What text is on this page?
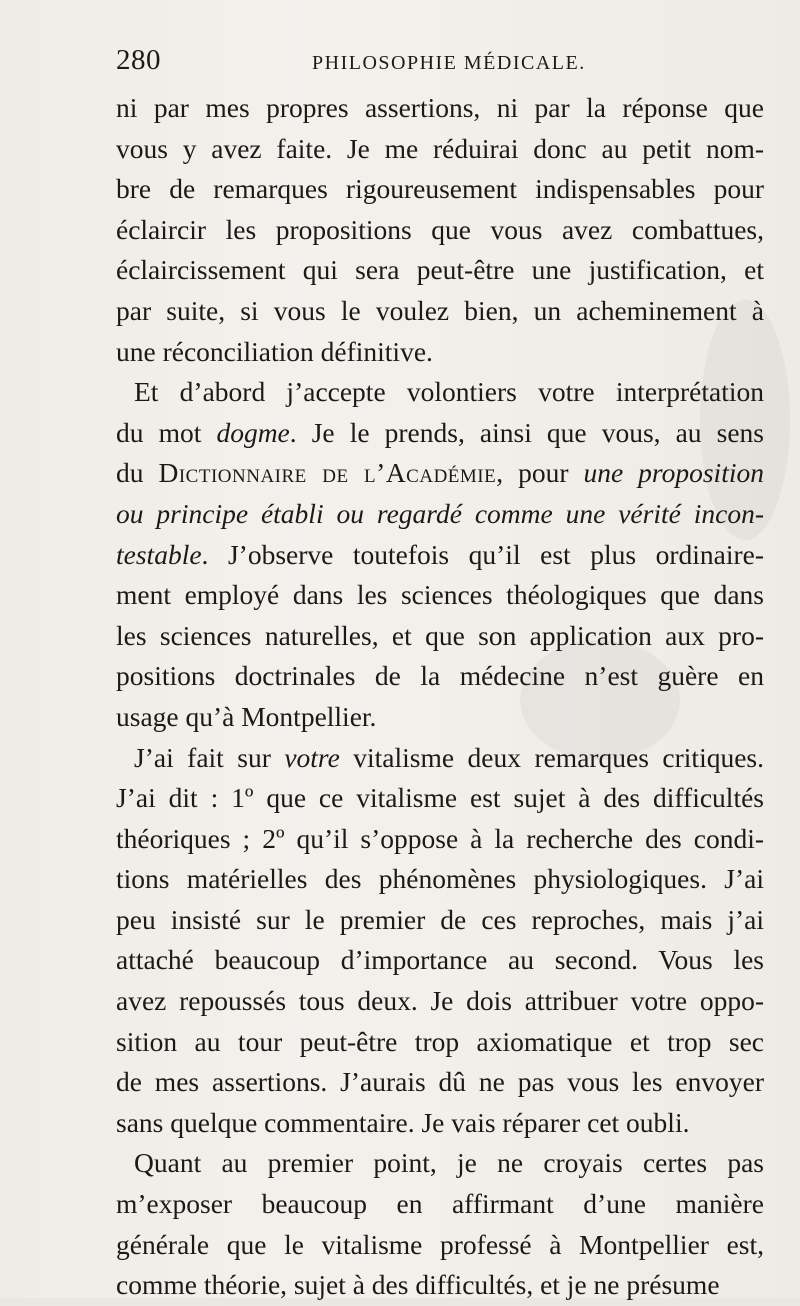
280	PHILOSOPHIE MÉDICALE.
ni par mes propres assertions, ni par la réponse que
vous y avez faite. Je me réduirai donc au petit nom-
bre de remarques rigoureusement indispensables pour
éclaircir les propositions que vous avez combattues,
éclaircissement qui sera peut-être une justification, et
par suite, si vous le voulez bien, un acheminement à
une réconciliation définitive.
Et d’abord j’accepte volontiers votre interprétation
du mot dogme. Je le prends, ainsi que vous, au sens
du Dictionnaire de l’Académie, pour une proposition
ou principe établi ou regardé comme une vérité incon-
testable. J’observe toutefois qu’il est plus ordinaire-
ment employé dans les sciences théologiques que dans
les sciences naturelles, et que son application aux pro-
positions doctrinales de la médecine n’est guère en
usage qu’à Montpellier.
J’ai fait sur votre vitalisme deux remarques critiques.
J’ai dit : 1º que ce vitalisme est sujet à des difficultés
théoriques ; 2º qu’il s’oppose à la recherche des condi-
tions matérielles des phénomènes physiologiques. J’ai
peu insisté sur le premier de ces reproches, mais j’ai
attaché beaucoup d’importance au second. Vous les
avez repoussés tous deux. Je dois attribuer votre oppo-
sition au tour peut-être trop axiomatique et trop sec
de mes assertions. J’aurais dû ne pas vous les envoyer
sans quelque commentaire. Je vais réparer cet oubli.
Quant au premier point, je ne croyais certes pas
m’exposer beaucoup en affirmant d’une manière
générale que le vitalisme professé à Montpellier est,
comme théorie, sujet à des difficultés, et je ne présume
